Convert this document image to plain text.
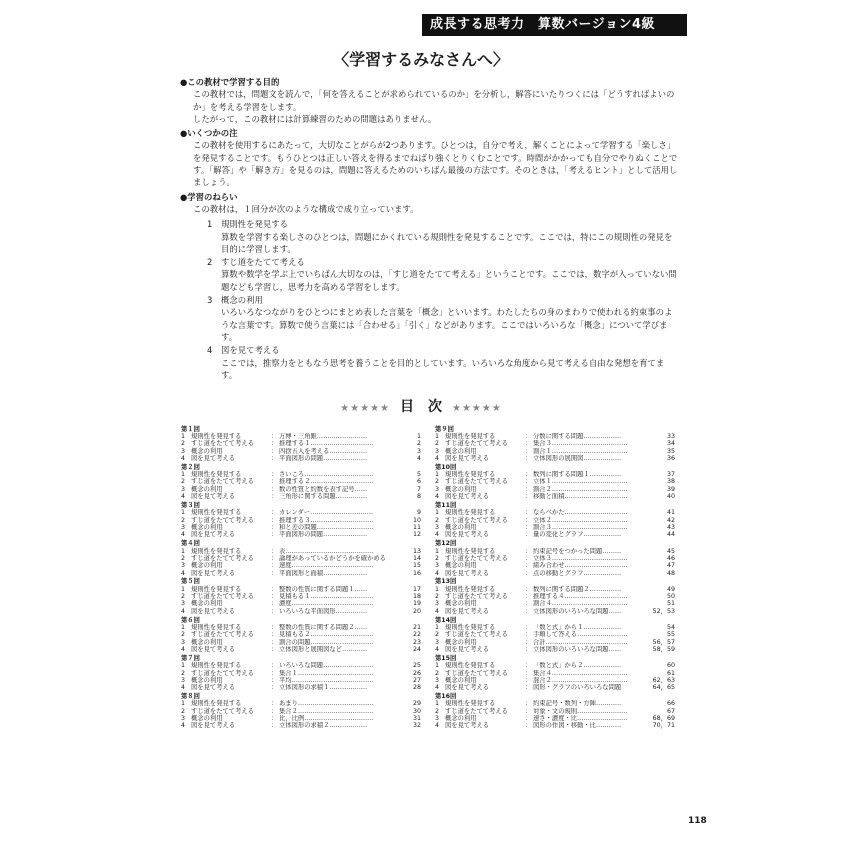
成長する思考力　算数バージョン4級
〈学習するみなさんへ〉
●この教材で学習する目的
この教材では，問題文を読んで，「何を答えることが求められているのか」を分析し，解答にいたりつくには「どうすればよいのか」を考える学習をします。
したがって，この教材には計算練習のための問題はありません。
●いくつかの注
この教材を使用するにあたって，大切なことがらが2つあります。ひとつは，自分で考え，解くことによって学習する「楽しさ」を発見することです。もうひとつは正しい答えを得るまでねばり強くとりくむことです。時間がかかっても自分でやりぬくことです。「解答」や「解き方」を見るのは，問題に答えるためのいちばん最後の方法です。そのときは，「考えるヒント」として活用しましょう。
●学習のねらい
この教材は，１回分が次のような構成で成り立っています。
1 規則性を発見する
算数を学習する楽しさのひとつは，問題にかくれている規則性を発見することです。ここでは，特にこの規則性の発見を目的に学習します。
2 すじ道をたてて考える
算数や数学を学ぶ上でいちばん大切なのは，「すじ道をたてて考える」ということです。ここでは，数字が入っていない問題なども学習し，思考力を高める学習をします。
3 概念の利用
いろいろなつながりをひとつにまとめ表した言葉を「概念」といいます。わたしたちの身のまわりで使われる約束事のような言葉です。算数で使う言葉には「合わせる」「引く」などがあります。ここではいろいろな「概念」について学びます。
4 図を見て考える
ここでは，推察力をともなう思考を養うことを目的としています。いろいろな角度から見て考える自由な発想を育てます。
★★★★★ 目　次 ★★★★★
第１回
1 規則性を発見する	： 万博・三角錐……………………	1
2 すじ道をたてて考える	： 推理する１…………………………	2
3 概念の利用	： 四捨五入を考える………………	3
4 図を見て考える	： 平面図形の問題…………………	4
第２回
1 規則性を発見する	： さいころ……………………………	5
2 すじ道をたてて考える	： 推理する２…………………………	6
3 概念の利用	： 数の性質と約数を表す記号……	7
4 図を見て考える	： 三角形に関する問題……………	8
第３回
1 規則性を発見する	： カレンダー…………………………	9
2 すじ道をたてて考える	： 推理する３…………………………	10
3 概念の利用	： 和と差の問題………………………	11
4 図を見て考える	： 平面図形の問題…………………	12
第４回
1 規則性を発見する	： 表……………………………………	13
2 すじ道をたてて考える	： 論理があっているかどうかを確かめる	14
3 概念の利用	： 速度…………………………………	15
4 図を見て考える	： 平面図形と面積…………………	16
第５回
1 規則性を発見する	： 整数の性質に関する問題１……	17
2 すじ道をたてて考える	： 見積もる１…………………………	18
3 概念の利用	： 濃度…………………………………	19
4 図を見て考える	： いろいろな平面図形……………	20
第６回
1 規則性を発見する	： 整数の性質に関する問題２……	21
2 すじ道をたてて考える	： 見積もる２…………………………	22
3 概念の利用	： 割合の問題…………………………	23
4 図を見て考える	： 立体図形と展開図など…………	24
第７回
1 規則性を発見する	： いろいろな問題……………………	25
2 すじ道をたてて考える	： 集合１………………………………	26
3 概念の利用	： 平均…………………………………	27
4 図を見て考える	： 立体図形の求積１………………	28
第８回
1 規則性を発見する	： あまり………………………………	29
2 すじ道をたてて考える	： 集合２………………………………	30
3 概念の利用	： 比，比例……………………………	31
4 図を見て考える	： 立体図形の求積２………………	32
第９回
1 規則性を発見する	： 分数に関する問題………………	33
2 すじ道をたてて考える	： 集合３………………………………	34
3 概念の利用	： 割合１………………………………	35
4 図を見て考える	： 立体図形の展開図………………	36
第10回
1 規則性を発見する	： 数列に関する問題１……………	37
2 すじ道をたてて考える	： 立体１………………………………	38
3 概念の利用	： 割合２………………………………	39
4 図を見て考える	： 移動と面積…………………………	40
第11回
1 規則性を発見する	： ならべかた…………………………	41
2 すじ道をたてて考える	： 立体２………………………………	42
3 概念の利用	： 割合３………………………………	43
4 図を見て考える	： 量の変化とグラフ………………	44
第12回
1 規則性を発見する	： 約束記号をつかった問題………	45
2 すじ道をたてて考える	： 立体３………………………………	46
3 概念の利用	： 組み合わせ…………………………	47
4 図を見て考える	： 点の移動とグラフ………………	48
第13回
1 規則性を発見する	： 数列に関する問題２……………	49
2 すじ道をたてて考える	： 推理する４…………………………	50
3 概念の利用	： 割合４………………………………	51
4 図を見て考える	： 立体図形のいろいろな問題……	52，53
第14回
1 規則性を発見する	： 「数と式」から１………………	54
2 すじ道をたてて考える	： 手順して答える……………………	55
3 概念の利用	： 合計…………………………………	56，57
4 図を見て考える	： 立体図形のいろいろな問題……	58，59
第15回
1 規則性を発見する	： 「数と式」から２………………	60
2 すじ道をたてて考える	： 集合４………………………………	61
3 概念の利用	： 混合２………………………………	62，63
4 図を見て考える	： 図形・グラフのいろいろな問題	64，65
第16回
1 規則性を発見する	： 約束記号・数列・方陣…………	66
2 すじ道をたてて考える	： 対象・文の規則……………………	67
3 概念の利用	： 速さ・濃度・比……………………	68，69
4 図を見て考える	： 図形の作図・移動・比…………	70，71
118
